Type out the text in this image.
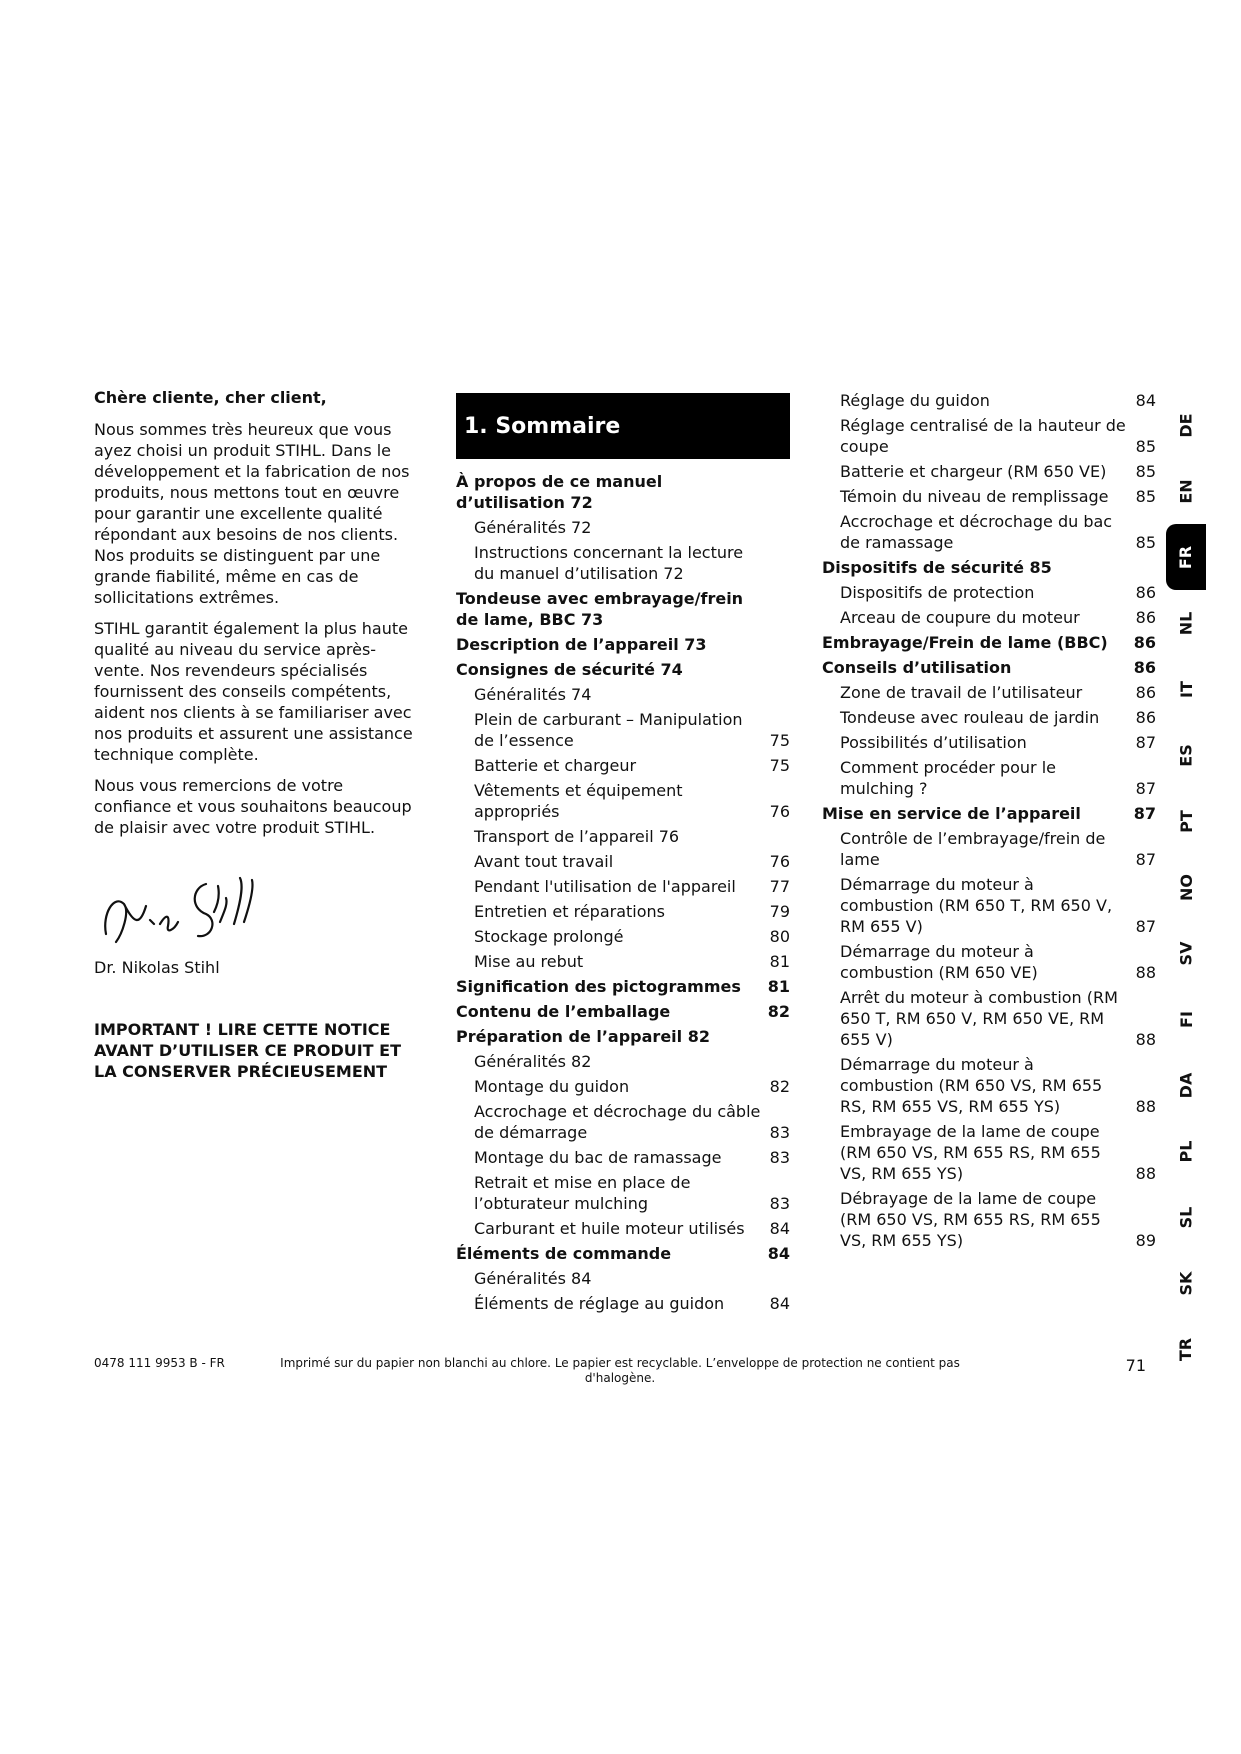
Chère cliente, cher client,

Nous sommes très heureux que vous ayez choisi un produit STIHL. Dans le développement et la fabrication de nos produits, nous mettons tout en œuvre pour garantir une excellente qualité répondant aux besoins de nos clients. Nos produits se distinguent par une grande fiabilité, même en cas de sollicitations extrêmes.

STIHL garantit également la plus haute qualité au niveau du service après-vente. Nos revendeurs spécialisés fournissent des conseils compétents, aident nos clients à se familiariser avec nos produits et assurent une assistance technique complète.

Nous vous remercions de votre confiance et vous souhaitons beaucoup de plaisir avec votre produit STIHL.

Dr. Nikolas Stihl
IMPORTANT ! LIRE CETTE NOTICE AVANT D’UTILISER CE PRODUIT ET LA CONSERVER PRÉCIEUSEMENT
1. Sommaire
À propos de ce manuel d’utilisation 72
Généralités 72
Instructions concernant la lecture du manuel d’utilisation 72
Tondeuse avec embrayage/frein de lame, BBC 73
Description de l’appareil 73
Consignes de sécurité 74
Généralités 74
Plein de carburant – Manipulation de l’essence	75
Batterie et chargeur	75
Vêtements et équipement appropriés	76
Transport de l’appareil 76
Avant tout travail	76
Pendant l'utilisation de l'appareil	77
Entretien et réparations	79
Stockage prolongé	80
Mise au rebut	81
Signification des pictogrammes	81
Contenu de l’emballage	82
Préparation de l’appareil 82
Généralités 82
Montage du guidon	82
Accrochage et décrochage du câble de démarrage	83
Montage du bac de ramassage	83
Retrait et mise en place de l’obturateur mulching	83
Carburant et huile moteur utilisés	84
Éléments de commande	84
Généralités 84
Éléments de réglage au guidon	84
Réglage du guidon	84
Réglage centralisé de la hauteur de coupe	85
Batterie et chargeur (RM 650 VE)	85
Témoin du niveau de remplissage	85
Accrochage et décrochage du bac de ramassage	85
Dispositifs de sécurité 85
Dispositifs de protection	86
Arceau de coupure du moteur	86
Embrayage/Frein de lame (BBC)	86
Conseils d’utilisation	86
Zone de travail de l’utilisateur	86
Tondeuse avec rouleau de jardin	86
Possibilités d’utilisation	87
Comment procéder pour le mulching ?	87
Mise en service de l’appareil	87
Contrôle de l’embrayage/frein de lame	87
Démarrage du moteur à combustion (RM 650 T, RM 650 V, RM 655 V)	87
Démarrage du moteur à combustion (RM 650 VE)	88
Arrêt du moteur à combustion (RM 650 T, RM 650 V, RM 650 VE, RM 655 V)	88
Démarrage du moteur à combustion (RM 650 VS, RM 655 RS, RM 655 VS, RM 655 YS)	88
Embrayage de la lame de coupe (RM 650 VS, RM 655 RS, RM 655 VS, RM 655 YS)	88
Débrayage de la lame de coupe (RM 650 VS, RM 655 RS, RM 655 VS, RM 655 YS)	89
DE
EN
FR
NL
IT
ES
PT
NO
SV
FI
DA
PL
SL
SK
TR
0478 111 9953 B - FR	Imprimé sur du papier non blanchi au chlore. Le papier est recyclable. L’enveloppe de protection ne contient pas d'halogène.
71
